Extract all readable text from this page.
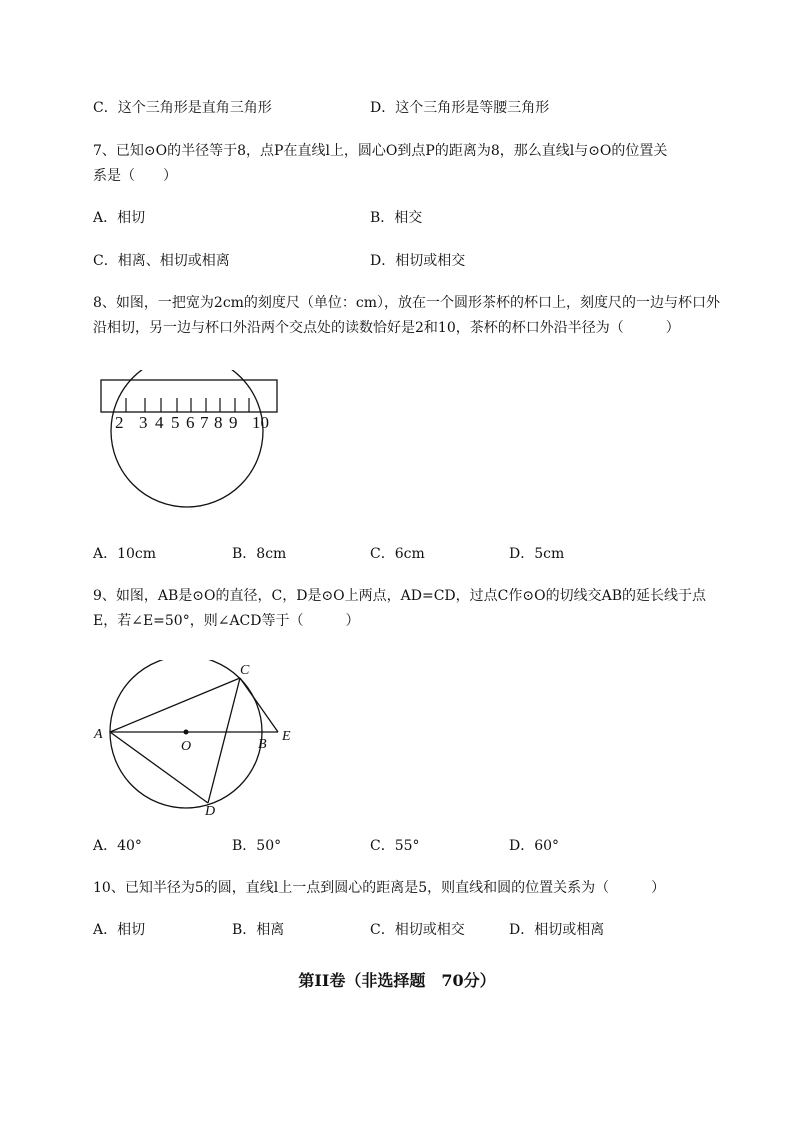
C．这个三角形是直角三角形	D．这个三角形是等腰三角形
7、已知⊙O的半径等于8，点P在直线l上，圆心O到点P的距离为8，那么直线l与⊙O的位置关
系是（　　）
A．相切	B．相交
C．相离、相切或相离	D．相切或相交
8、如图，一把宽为2cm的刻度尺（单位：cm），放在一个圆形茶杯的杯口上，刻度尺的一边与杯口外
沿相切，另一边与杯口外沿两个交点处的读数恰好是2和10，茶杯的杯口外沿半径为（　　　）
2 3 4 5 6 7 8 9 10
A．10cm	B．8cm	C．6cm	D．5cm
9、如图，AB是⊙O的直径，C，D是⊙O上两点，AD=CD，过点C作⊙O的切线交AB的延长线于点
E，若∠E=50°，则∠ACD等于（　　　）
A
B
C
D
E
O
A．40°	B．50°	C．55°	D．60°
10、已知半径为5的圆，直线l上一点到圆心的距离是5，则直线和圆的位置关系为（　　　）
A．相切	B．相离	C．相切或相交	D．相切或相离
第II卷（非选择题　70分）
